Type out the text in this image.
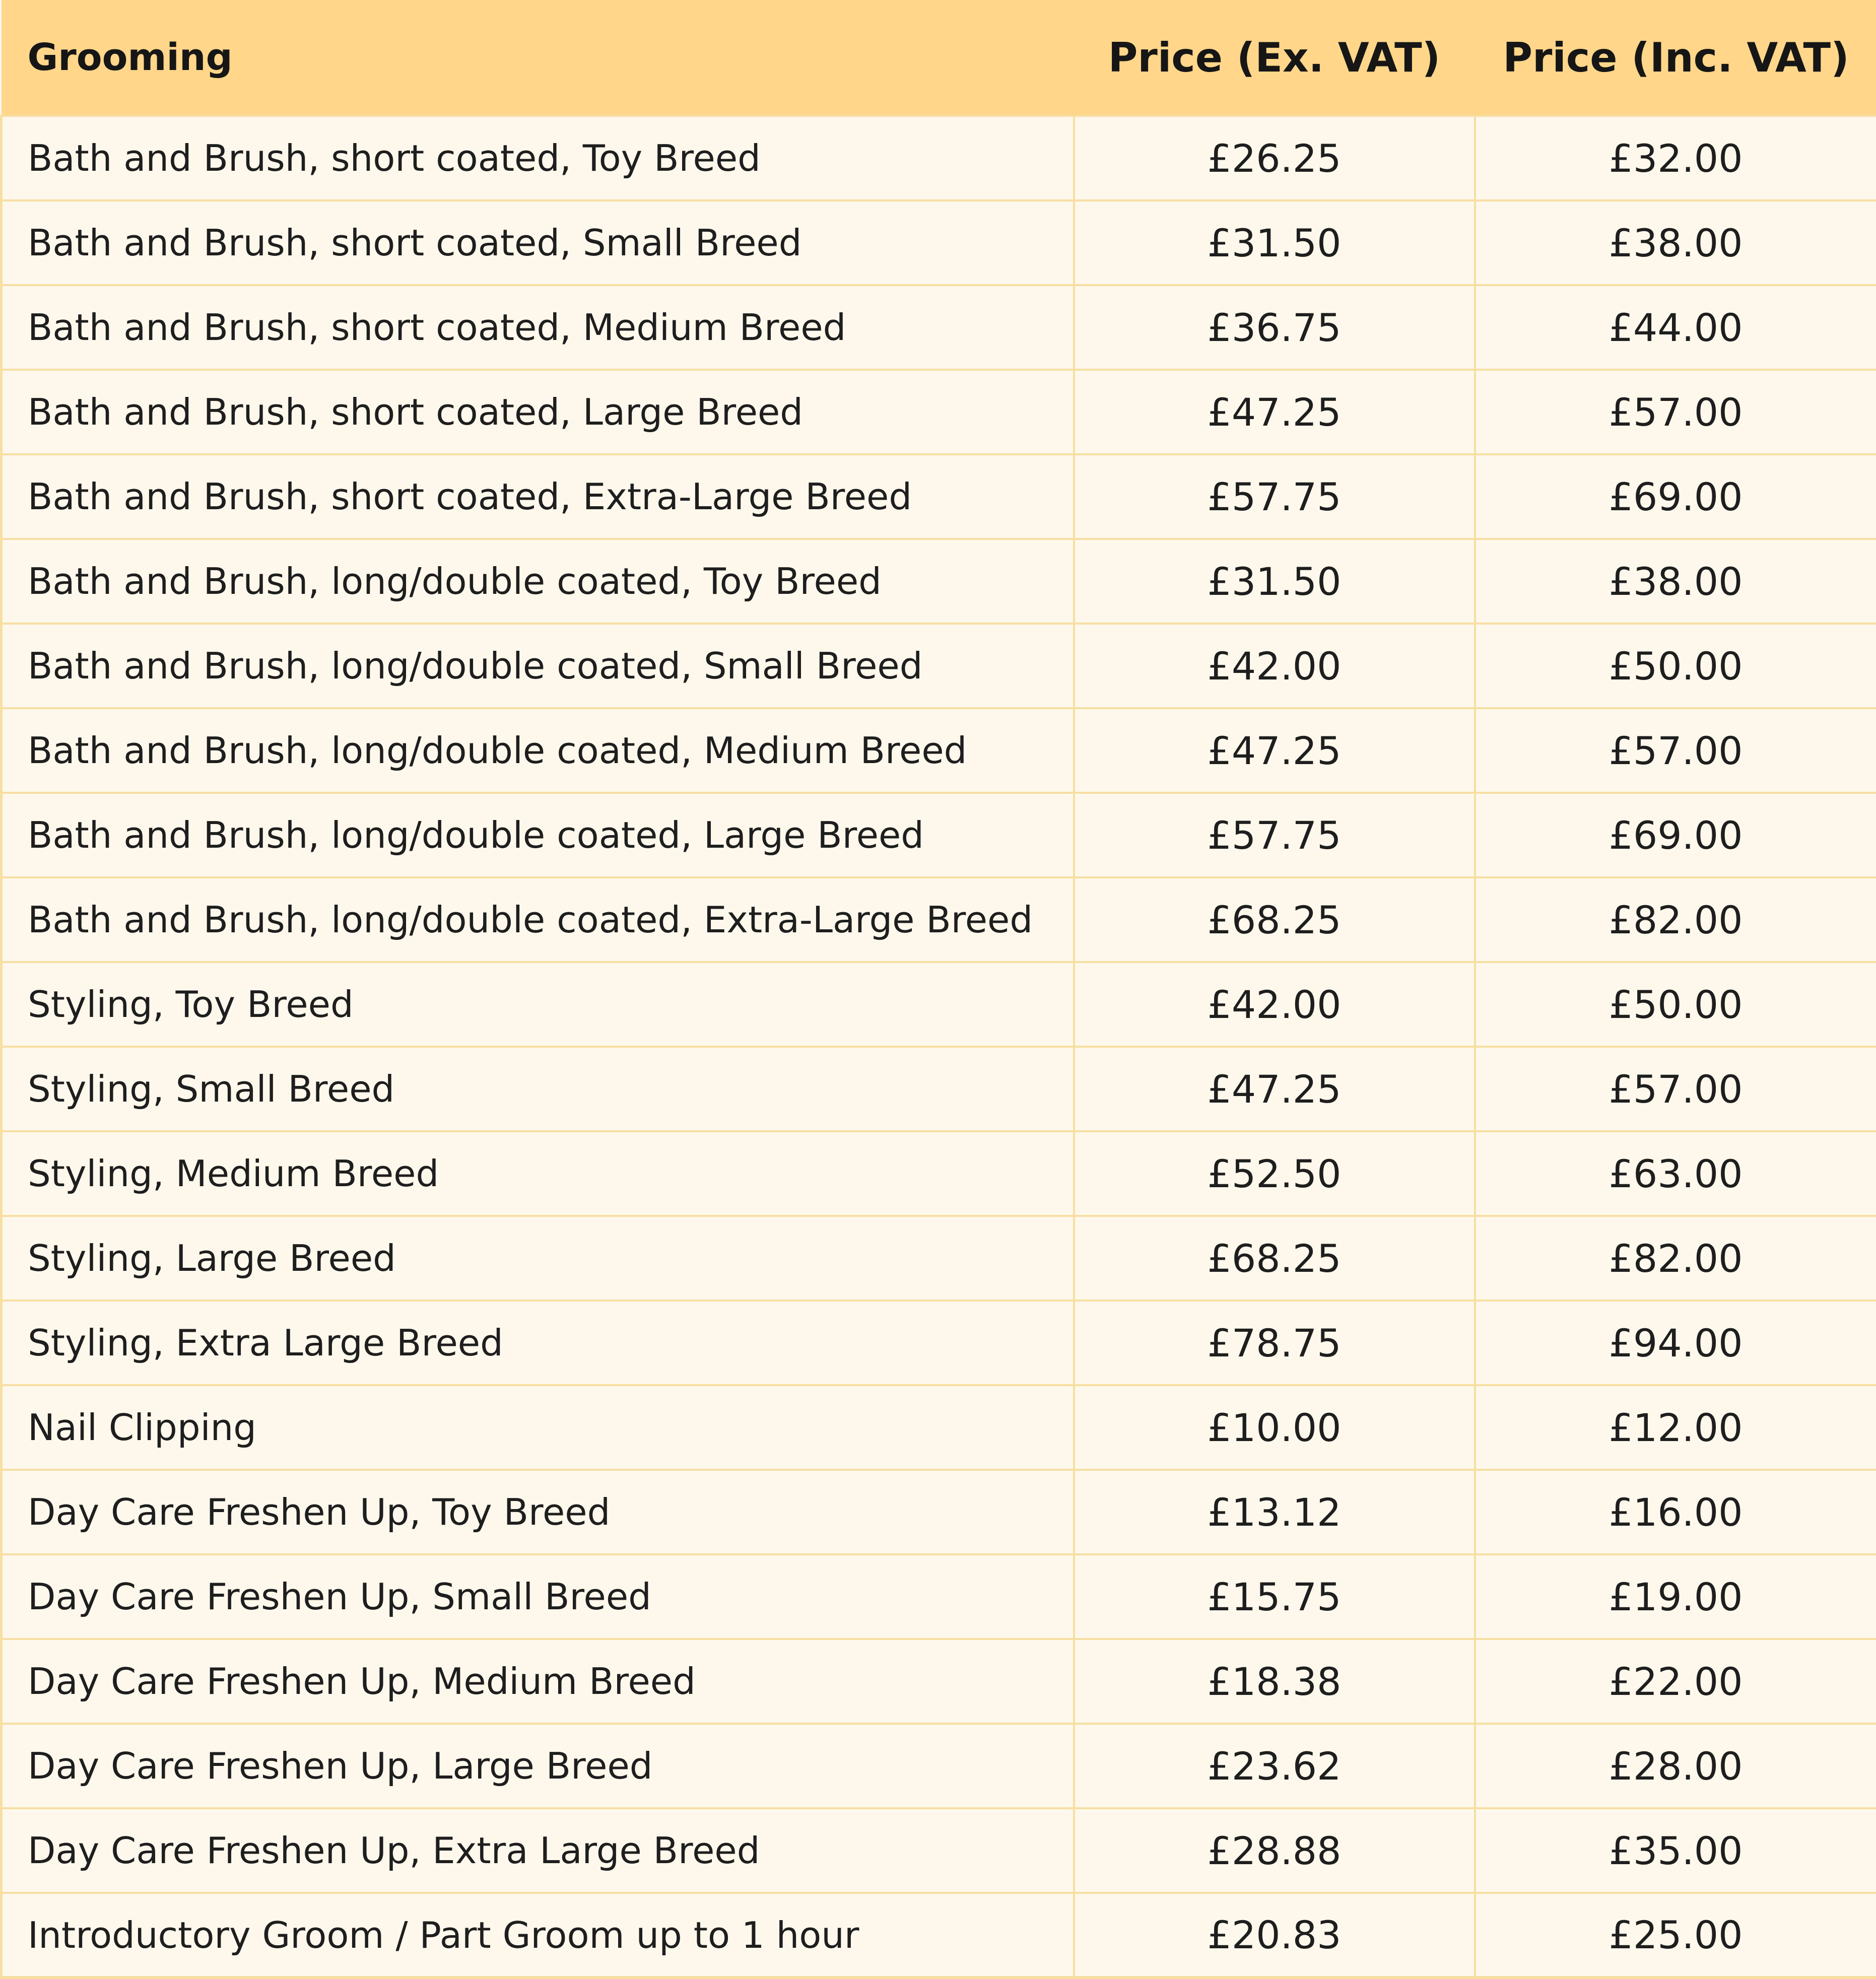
Grooming	Price (Ex. VAT)	Price (Inc. VAT)
Bath and Brush, short coated, Toy Breed	£26.25	£32.00
Bath and Brush, short coated, Small Breed	£31.50	£38.00
Bath and Brush, short coated, Medium Breed	£36.75	£44.00
Bath and Brush, short coated, Large Breed	£47.25	£57.00
Bath and Brush, short coated, Extra-Large Breed	£57.75	£69.00
Bath and Brush, long/double coated, Toy Breed	£31.50	£38.00
Bath and Brush, long/double coated, Small Breed	£42.00	£50.00
Bath and Brush, long/double coated, Medium Breed	£47.25	£57.00
Bath and Brush, long/double coated, Large Breed	£57.75	£69.00
Bath and Brush, long/double coated, Extra-Large Breed	£68.25	£82.00
Styling, Toy Breed	£42.00	£50.00
Styling, Small Breed	£47.25	£57.00
Styling, Medium Breed	£52.50	£63.00
Styling, Large Breed	£68.25	£82.00
Styling, Extra Large Breed	£78.75	£94.00
Nail Clipping	£10.00	£12.00
Day Care Freshen Up, Toy Breed	£13.12	£16.00
Day Care Freshen Up, Small Breed	£15.75	£19.00
Day Care Freshen Up, Medium Breed	£18.38	£22.00
Day Care Freshen Up, Large Breed	£23.62	£28.00
Day Care Freshen Up, Extra Large Breed	£28.88	£35.00
Introductory Groom / Part Groom up to 1 hour	£20.83	£25.00
